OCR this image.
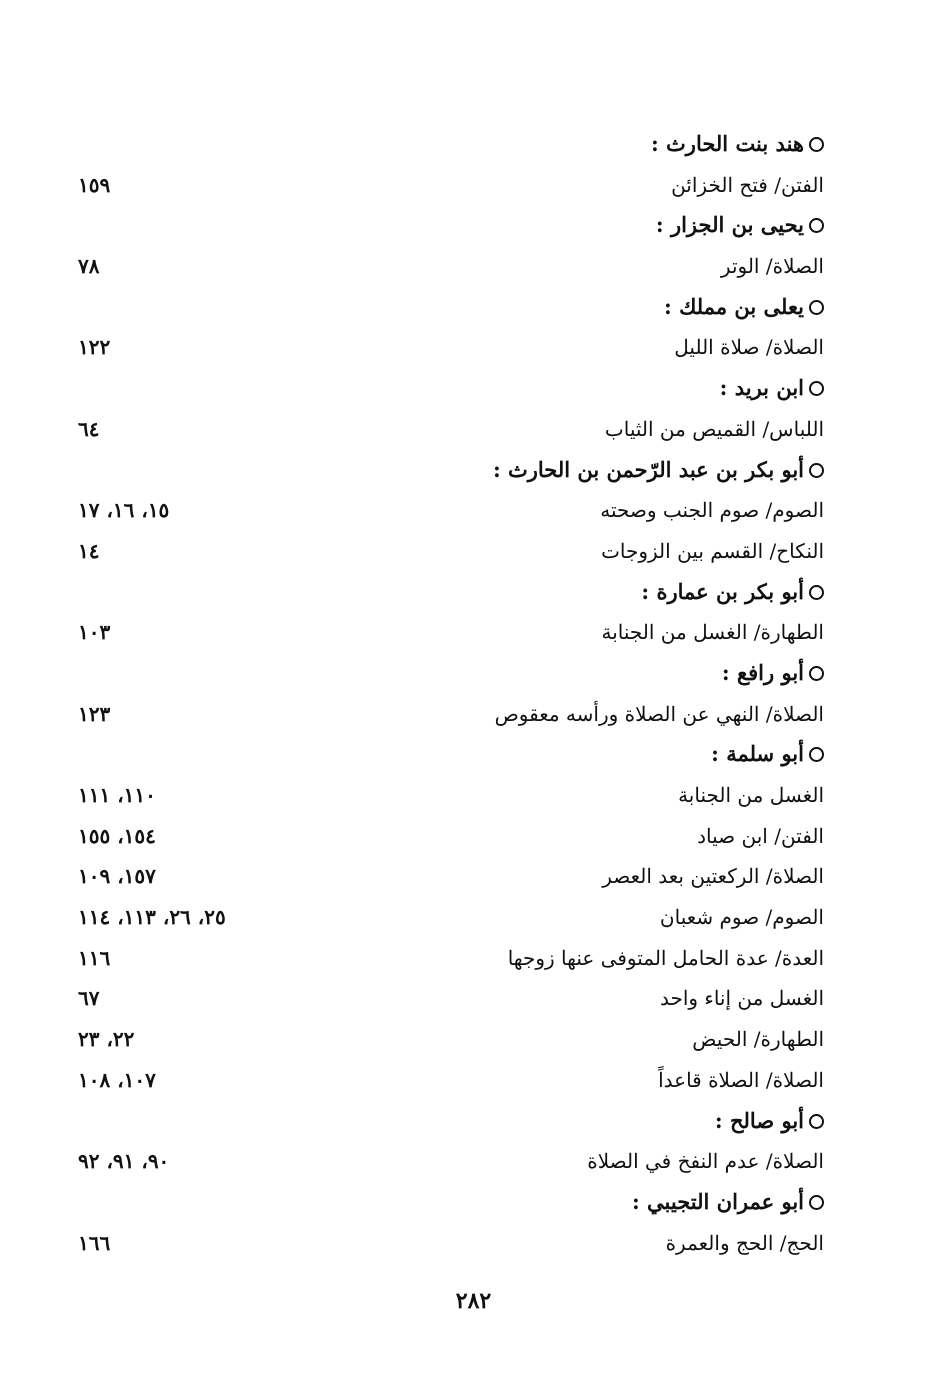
هند بنت الحارث :
الفتن/ فتح الخزائن
١٥٩
يحيى بن الجزار :
الصلاة/ الوتر
٧٨
يعلى بن مملك :
الصلاة/ صلاة الليل
١٢٢
ابن بريد :
اللباس/ القميص من الثياب
٦٤
أبو بكر بن عبد الرّحمن بن الحارث :
الصوم/ صوم الجنب وصحته
١٥، ١٦، ١٧
النكاح/ القسم بين الزوجات
١٤
أبو بكر بن عمارة :
الطهارة/ الغسل من الجنابة
١٠٣
أبو رافع :
الصلاة/ النهي عن الصلاة ورأسه معقوص
١٢٣
أبو سلمة :
الغسل من الجنابة
١١٠، ١١١
الفتن/ ابن صياد
١٥٤، ١٥٥
الصلاة/ الركعتين بعد العصر
١٥٧، ١٠٩
الصوم/ صوم شعبان
٢٥، ٢٦، ١١٣، ١١٤
العدة/ عدة الحامل المتوفى عنها زوجها
١١٦
الغسل من إناء واحد
٦٧
الطهارة/ الحيض
٢٢، ٢٣
الصلاة/ الصلاة قاعداً
١٠٧، ١٠٨
أبو صالح :
الصلاة/ عدم النفخ في الصلاة
٩٠، ٩١، ٩٢
أبو عمران التجيبي :
الحج/ الحج والعمرة
١٦٦
٢٨٢
